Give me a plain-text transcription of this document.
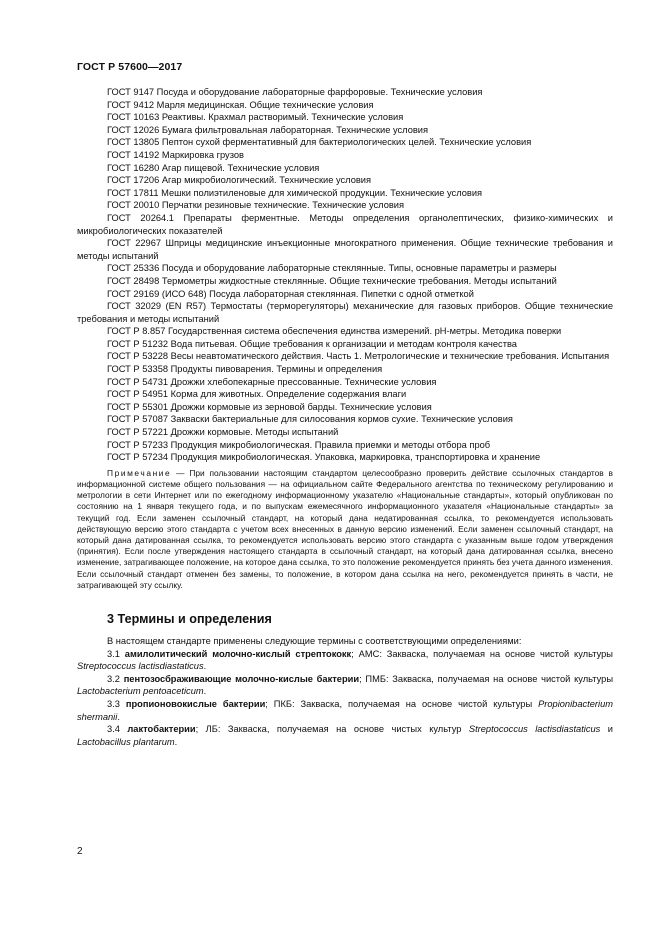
ГОСТ Р 57600—2017

ГОСТ 9147 Посуда и оборудование лабораторные фарфоровые. Технические условия

ГОСТ 9412 Марля медицинская. Общие технические условия

ГОСТ 10163 Реактивы. Крахмал растворимый. Технические условия

ГОСТ 12026 Бумага фильтровальная лабораторная. Технические условия

ГОСТ 13805 Пептон сухой ферментативный для бактериологических целей. Технические условия

ГОСТ 14192 Маркировка грузов

ГОСТ 16280 Агар пищевой. Технические условия

ГОСТ 17206 Агар микробиологический. Технические условия

ГОСТ 17811 Мешки полиэтиленовые для химической продукции. Технические условия

ГОСТ 20010 Перчатки резиновые технические. Технические условия

ГОСТ 20264.1 Препараты ферментные. Методы определения органолептических, физико-химических и микробиологических показателей

ГОСТ 22967 Шприцы медицинские инъекционные многократного применения. Общие технические требования и методы испытаний

ГОСТ 25336 Посуда и оборудование лабораторные стеклянные. Типы, основные параметры и размеры

ГОСТ 28498 Термометры жидкостные стеклянные. Общие технические требования. Методы испытаний

ГОСТ 29169 (ИСО 648) Посуда лабораторная стеклянная. Пипетки с одной отметкой

ГОСТ 32029 (EN R57) Термостаты (терморегуляторы) механические для газовых приборов. Общие технические требования и методы испытаний

ГОСТ Р 8.857 Государственная система обеспечения единства измерений. pH-метры. Методика поверки

ГОСТ Р 51232 Вода питьевая. Общие требования к организации и методам контроля качества

ГОСТ Р 53228 Весы неавтоматического действия. Часть 1. Метрологические и технические требования. Испытания

ГОСТ Р 53358 Продукты пивоварения. Термины и определения

ГОСТ Р 54731 Дрожжи хлебопекарные прессованные. Технические условия

ГОСТ Р 54951 Корма для животных. Определение содержания влаги

ГОСТ Р 55301 Дрожжи кормовые из зерновой барды. Технические условия

ГОСТ Р 57087 Закваски бактериальные для силосования кормов сухие. Технические условия

ГОСТ Р 57221 Дрожжи кормовые. Методы испытаний

ГОСТ Р 57233 Продукция микробиологическая. Правила приемки и методы отбора проб

ГОСТ Р 57234 Продукция микробиологическая. Упаковка, маркировка, транспортировка и хранение

Примечание — При пользовании настоящим стандартом целесообразно проверить действие ссылочных стандартов в информационной системе общего пользования — на официальном сайте Федерального агентства по техническому регулированию и метрологии в сети Интернет или по ежегодному информационному указателю «Национальные стандарты», который опубликован по состоянию на 1 января текущего года, и по выпускам ежемесячного информационного указателя «Национальные стандарты» за текущий год. Если заменен ссылочный стандарт, на который дана недатированная ссылка, то рекомендуется использовать действующую версию этого стандарта с учетом всех внесенных в данную версию изменений. Если заменен ссылочный стандарт, на который дана датированная ссылка, то рекомендуется использовать версию этого стандарта с указанным выше годом утверждения (принятия). Если после утверждения настоящего стандарта в ссылочный стандарт, на который дана датированная ссылка, внесено изменение, затрагивающее положение, на которое дана ссылка, то это положение рекомендуется принять без учета данного изменения. Если ссылочный стандарт отменен без замены, то положение, в котором дана ссылка на него, рекомендуется принять в части, не затрагивающей эту ссылку.

3 Термины и определения

В настоящем стандарте применены следующие термины с соответствующими определениями:

3.1 амилолитический молочно-кислый стрептококк; АМС: Закваска, получаемая на основе чистой культуры Streptococcus lactisdiastaticus.

3.2 пентозосбраживающие молочно-кислые бактерии; ПМБ: Закваска, получаемая на основе чистой культуры Lactobacterium pentoaceticum.

3.3 пропионовокислые бактерии; ПКБ: Закваска, получаемая на основе чистой культуры Propionibacterium shermanii.

3.4 лактобактерии; ЛБ: Закваска, получаемая на основе чистых культур Streptococcus lactisdiastaticus и Lactobacillus plantarum.

2
